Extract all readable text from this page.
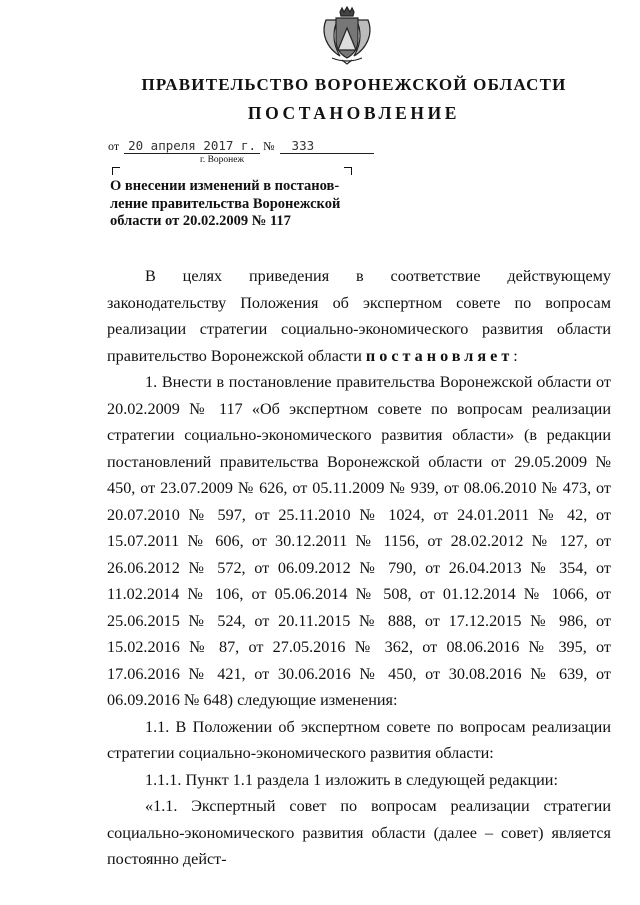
ПРАВИТЕЛЬСТВО ВОРОНЕЖСКОЙ ОБЛАСТИ
ПОСТАНОВЛЕНИЕ
от 20 апреля 2017 г. № 333
г. Воронеж
О внесении изменений в постанов-ление правительства Воронежской области от 20.02.2009 № 117

В целях приведения в соответствие действующему законодательству Положения об экспертном совете по вопросам реализации стратегии социально-экономического развития области правительство Воронежской области постановляет:

1. Внести в постановление правительства Воронежской области от 20.02.2009 № 117 «Об экспертном совете по вопросам реализации стратегии социально-экономического развития области» (в редакции постановлений правительства Воронежской области от 29.05.2009 № 450, от 23.07.2009 № 626, от 05.11.2009 № 939, от 08.06.2010 № 473, от 20.07.2010 № 597, от 25.11.2010 № 1024, от 24.01.2011 № 42, от 15.07.2011 № 606, от 30.12.2011 № 1156, от 28.02.2012 № 127, от 26.06.2012 № 572, от 06.09.2012 № 790, от 26.04.2013 № 354, от 11.02.2014 № 106, от 05.06.2014 № 508, от 01.12.2014 № 1066, от 25.06.2015 № 524, от 20.11.2015 № 888, от 17.12.2015 № 986, от 15.02.2016 № 87, от 27.05.2016 № 362, от 08.06.2016 № 395, от 17.06.2016 № 421, от 30.06.2016 № 450, от 30.08.2016 № 639, от 06.09.2016 № 648) следующие изменения:

1.1. В Положении об экспертном совете по вопросам реализации стратегии социально-экономического развития области:

1.1.1. Пункт 1.1 раздела 1 изложить в следующей редакции:

«1.1. Экспертный совет по вопросам реализации стратегии социально-экономического развития области (далее – совет) является постоянно дейст-
